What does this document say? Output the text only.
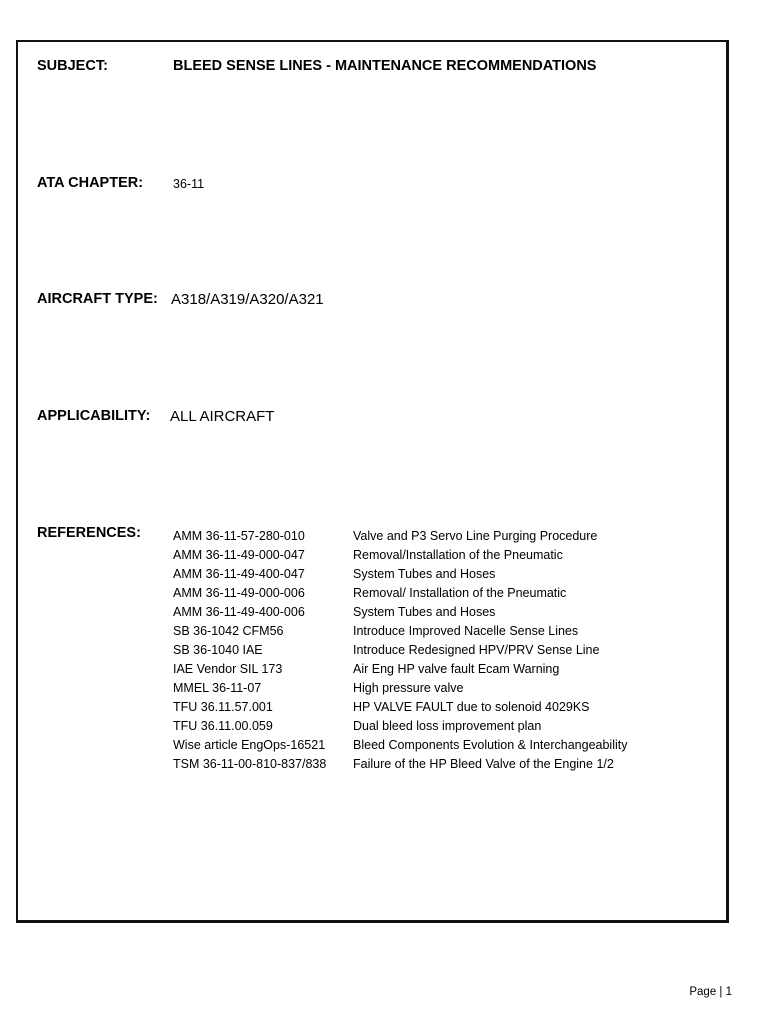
SUBJECT:	BLEED SENSE LINES - MAINTENANCE RECOMMENDATIONS
ATA CHAPTER: 36-11
AIRCRAFT TYPE: A318/A319/A320/A321
APPLICABILITY: ALL AIRCRAFT
REFERENCES:	AMM 36-11-57-280-010	Valve and P3 Servo Line Purging Procedure
AMM 36-11-49-000-047	Removal/Installation of the Pneumatic
AMM 36-11-49-400-047	System Tubes and Hoses
AMM 36-11-49-000-006	Removal/ Installation of the Pneumatic
AMM 36-11-49-400-006	System Tubes and Hoses
SB 36-1042 CFM56	Introduce Improved Nacelle Sense Lines
SB 36-1040 IAE	Introduce Redesigned HPV/PRV Sense Line
IAE Vendor SIL 173	Air Eng HP valve fault Ecam Warning
MMEL 36-11-07	High pressure valve
TFU 36.11.57.001	HP VALVE FAULT due to solenoid 4029KS
TFU 36.11.00.059	Dual bleed loss improvement plan
Wise article EngOps-16521	Bleed Components Evolution & Interchangeability
TSM 36-11-00-810-837/838	Failure of the HP Bleed Valve of the Engine 1/2
Page | 1
